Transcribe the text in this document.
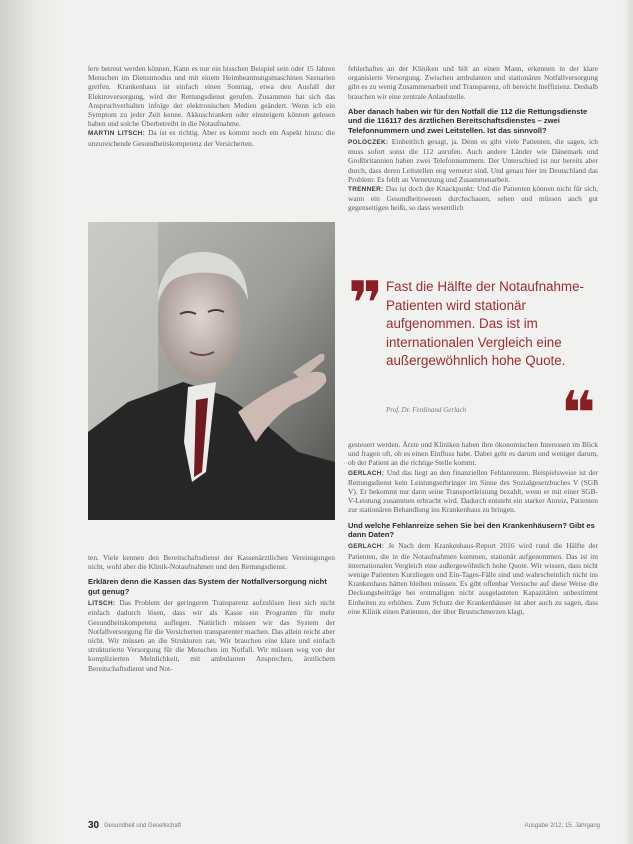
lere betreut werden können. Kann es nur ein bisschen Beispiel sein oder 15 Jahren Menschen im Dienstmodus und mit einem Heimbeatmungsmaschinen Szenarien greifen. Krankenhaus ist einfach einen Sonntag, etwa den Ausfall der Elektroversorgung, wird der Rettungsdienst gerufen. Zusammen hat sich das Anspruchverhalten infolge der elektronischen Medien geändert. Wenn ich ein Symptom zu jeder Zeit kenne. Akkuschranken oder einsteigern können gelesen haben und solche Überbetreibt in die Notaufnahme.

MARTIN LITSCH: Da ist es richtig. Aber es kommt noch ein Aspekt hinzu: die unzureichende Gesundheitskompetenz der Versicherten.

fehlerhaftes an der Kliniken und hilt an einen Mann, erkennen in der klare organisierte Versorgung. Zwischen ambulanten und stationären Notfallversorgung gibt es zu wenig Zusammenarbeit und Transparenz, oft bereicht Ineffizienz. Deshalb brauchen wir eine zentrale Anlaufstelle.

Aber danach haben wir für den Notfall die 112 die Rettungsdienste und die 116117 des ärztlichen Bereitschaftsdienstes – zwei Telefonnummern und zwei Leitstellen. Ist das sinnvoll?

POLOCZEK: Einheitlich gesagt, ja. Denn es gibt viele Patienten, die sagen, ich muss sofort sonst die 112 anrufen. Auch andere Länder wie Dänemark und Großbritannien haben zwei Telefonnummern. Der Unterschied ist nur bereits aber durch, dass deren Leitstellen eng vernetzt sind. Und genau hier im Deutschland das Problem: Es fehlt an Vernetzung und Zusammenarbeit.

TRENNER: Das ist doch der Knackpunkt: Und die Patienten können nicht für sich, wann ein Gesundheitswesen durchschauen, sehen und müssen auch gut gegenseitigen heißt, so dass wesentlich

❞ Fast die Hälfte der Notaufnahme-Patienten wird stationär aufgenommen. Das ist im internationalen Vergleich eine außergewöhnlich hohe Quote.
Prof. Dr. Ferdinand Gerlach ❝

ten. Viele kennen den Bereitschaftsdienst der Kassenärztlichen Vereinigungen nicht, wohl aber die Klinik-Notaufnahmen und den Rettungsdienst.

Erklären denn die Kassen das System der Notfallversorgung nicht gut genug?

LITSCH: Das Problem der geringeren Transparenz aufzulösen liest sich nicht einfach dadurch lösen, dass wir als Kasse ein Programm für mehr Gesundheitskompetenz auflegen. Natürlich müssen wir das System der Notfallversorgung für die Versicherten transparenter machen. Das allein reicht aber nicht. Wir müssen an die Strukturen ran. Wir brauchen eine klare und einfach strukturierte Versorgung für die Menschen im Notfall. Wir müssen weg von der komplizierten Melnlichkeit, mit ambulanten Ansprechen, ärztlichem Bereitschaftsdienst und Not-

gesteuert werden. Ärzte und Kliniken haben ihre ökonomischen Interessen im Blick und fragen oft, ob es einen Einfluss habe. Dabei geht es darum und weniger darum, ob der Patient an die richtige Stelle kommt.

GERLACH: Und das liegt an den finanziellen Fehlanreizen. Beispielsweise ist der Rettungsdienst kein Leistungserbringer im Sinne des Sozialgesetzbuches V (SGB V). Er bekommt nur dann seine Transportleistung bezahlt, wenn er mit einer SGB-V-Leistung zusammen erbracht wird. Dadurch entsteht ein starker Anreiz, Patienten zur stationären Behandlung ins Krankenhaus zu bringen.

Und welche Fehlanreize sehen Sie bei den Krankenhäusern? Gibt es dann Daten?

GERLACH: Je Nach dem Krankenhaus-Report 2016 wird rund die Hälfte der Patienten, die in die Notaufnahmen kommen, stationär aufgenommen. Das ist im internationalen Vergleich eine außergewöhnlich hohe Quote. Wir wissen, dass nicht wenige Patienten Kurzliegen und Ein-Tages-Fälle sind und wahrscheinlich nicht ins Krankenhaus hätten bleiben müssen. Es gibt offenbar Versuche auf diese Weise die Deckungsbeiträge bei erstmaligen nicht ausgelasteten Kapazitäten unbestimmt Einheiten zu erhöhen. Zum Schutz der Krankenhäuser ist aber auch zu sagen, dass eine Klinik einen Patienten, der über Brustschmerzen klagt,

30 Gesundheit und Gesellschaft	Ausgabe 2/12, 15. Jahrgang
